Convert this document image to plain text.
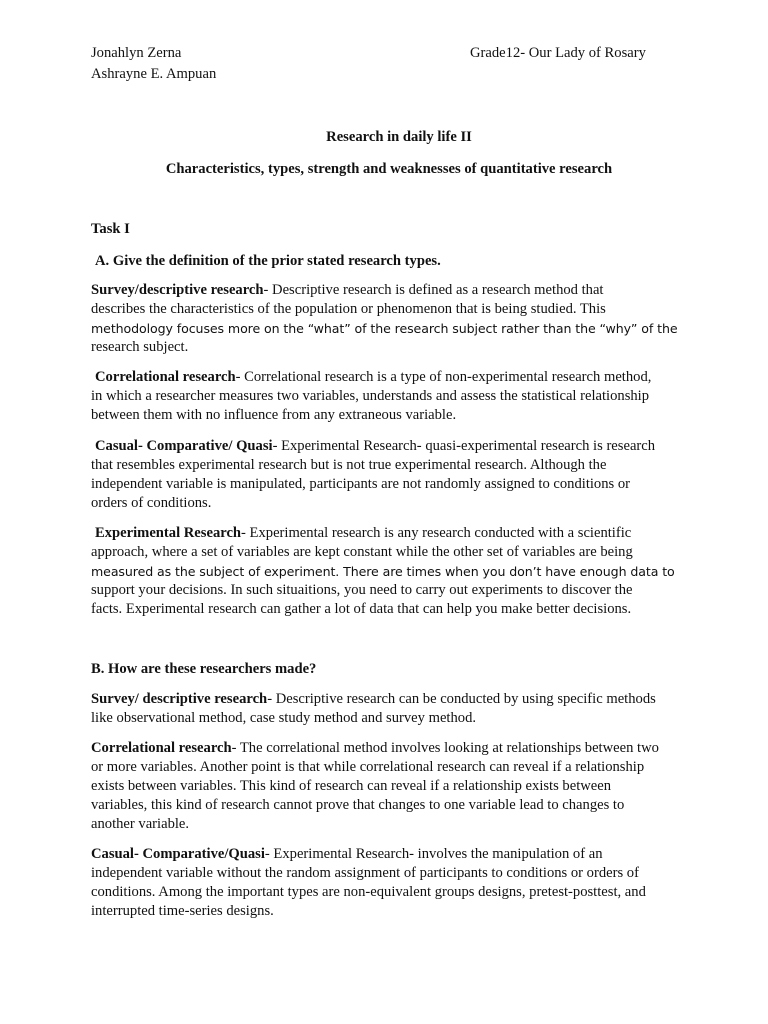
Jonahlyn Zerna
Ashrayne E. Ampuan
Grade12- Our Lady of Rosary
Research in daily life II
Characteristics, types, strength and weaknesses of quantitative research
Task I
A. Give the definition of the prior stated research types.
Survey/descriptive research- Descriptive research is defined as a research method that
describes the characteristics of the population or phenomenon that is being studied. This
methodology focuses more on the “what” of the research subject rather than the “why” of the
research subject.
Correlational research- Correlational research is a type of non-experimental research method,
in which a researcher measures two variables, understands and assess the statistical relationship
between them with no influence from any extraneous variable.
Casual- Comparative/ Quasi- Experimental Research- quasi-experimental research is research
that resembles experimental research but is not true experimental research. Although the
independent variable is manipulated, participants are not randomly assigned to conditions or
orders of conditions.
Experimental Research- Experimental research is any research conducted with a scientific
approach, where a set of variables are kept constant while the other set of variables are being
measured as the subject of experiment. There are times when you don’t have enough data to
support your decisions. In such situaitions, you need to carry out experiments to discover the
facts. Experimental research can gather a lot of data that can help you make better decisions.
B. How are these researchers made?
Survey/ descriptive research- Descriptive research can be conducted by using specific methods
like observational method, case study method and survey method.
Correlational research- The correlational method involves looking at relationships between two
or more variables. Another point is that while correlational research can reveal if a relationship
exists between variables. This kind of research can reveal if a relationship exists between
variables, this kind of research cannot prove that changes to one variable lead to changes to
another variable.
Casual- Comparative/Quasi- Experimental Research- involves the manipulation of an
independent variable without the random assignment of participants to conditions or orders of
conditions. Among the important types are non-equivalent groups designs, pretest-posttest, and
interrupted time-series designs.
